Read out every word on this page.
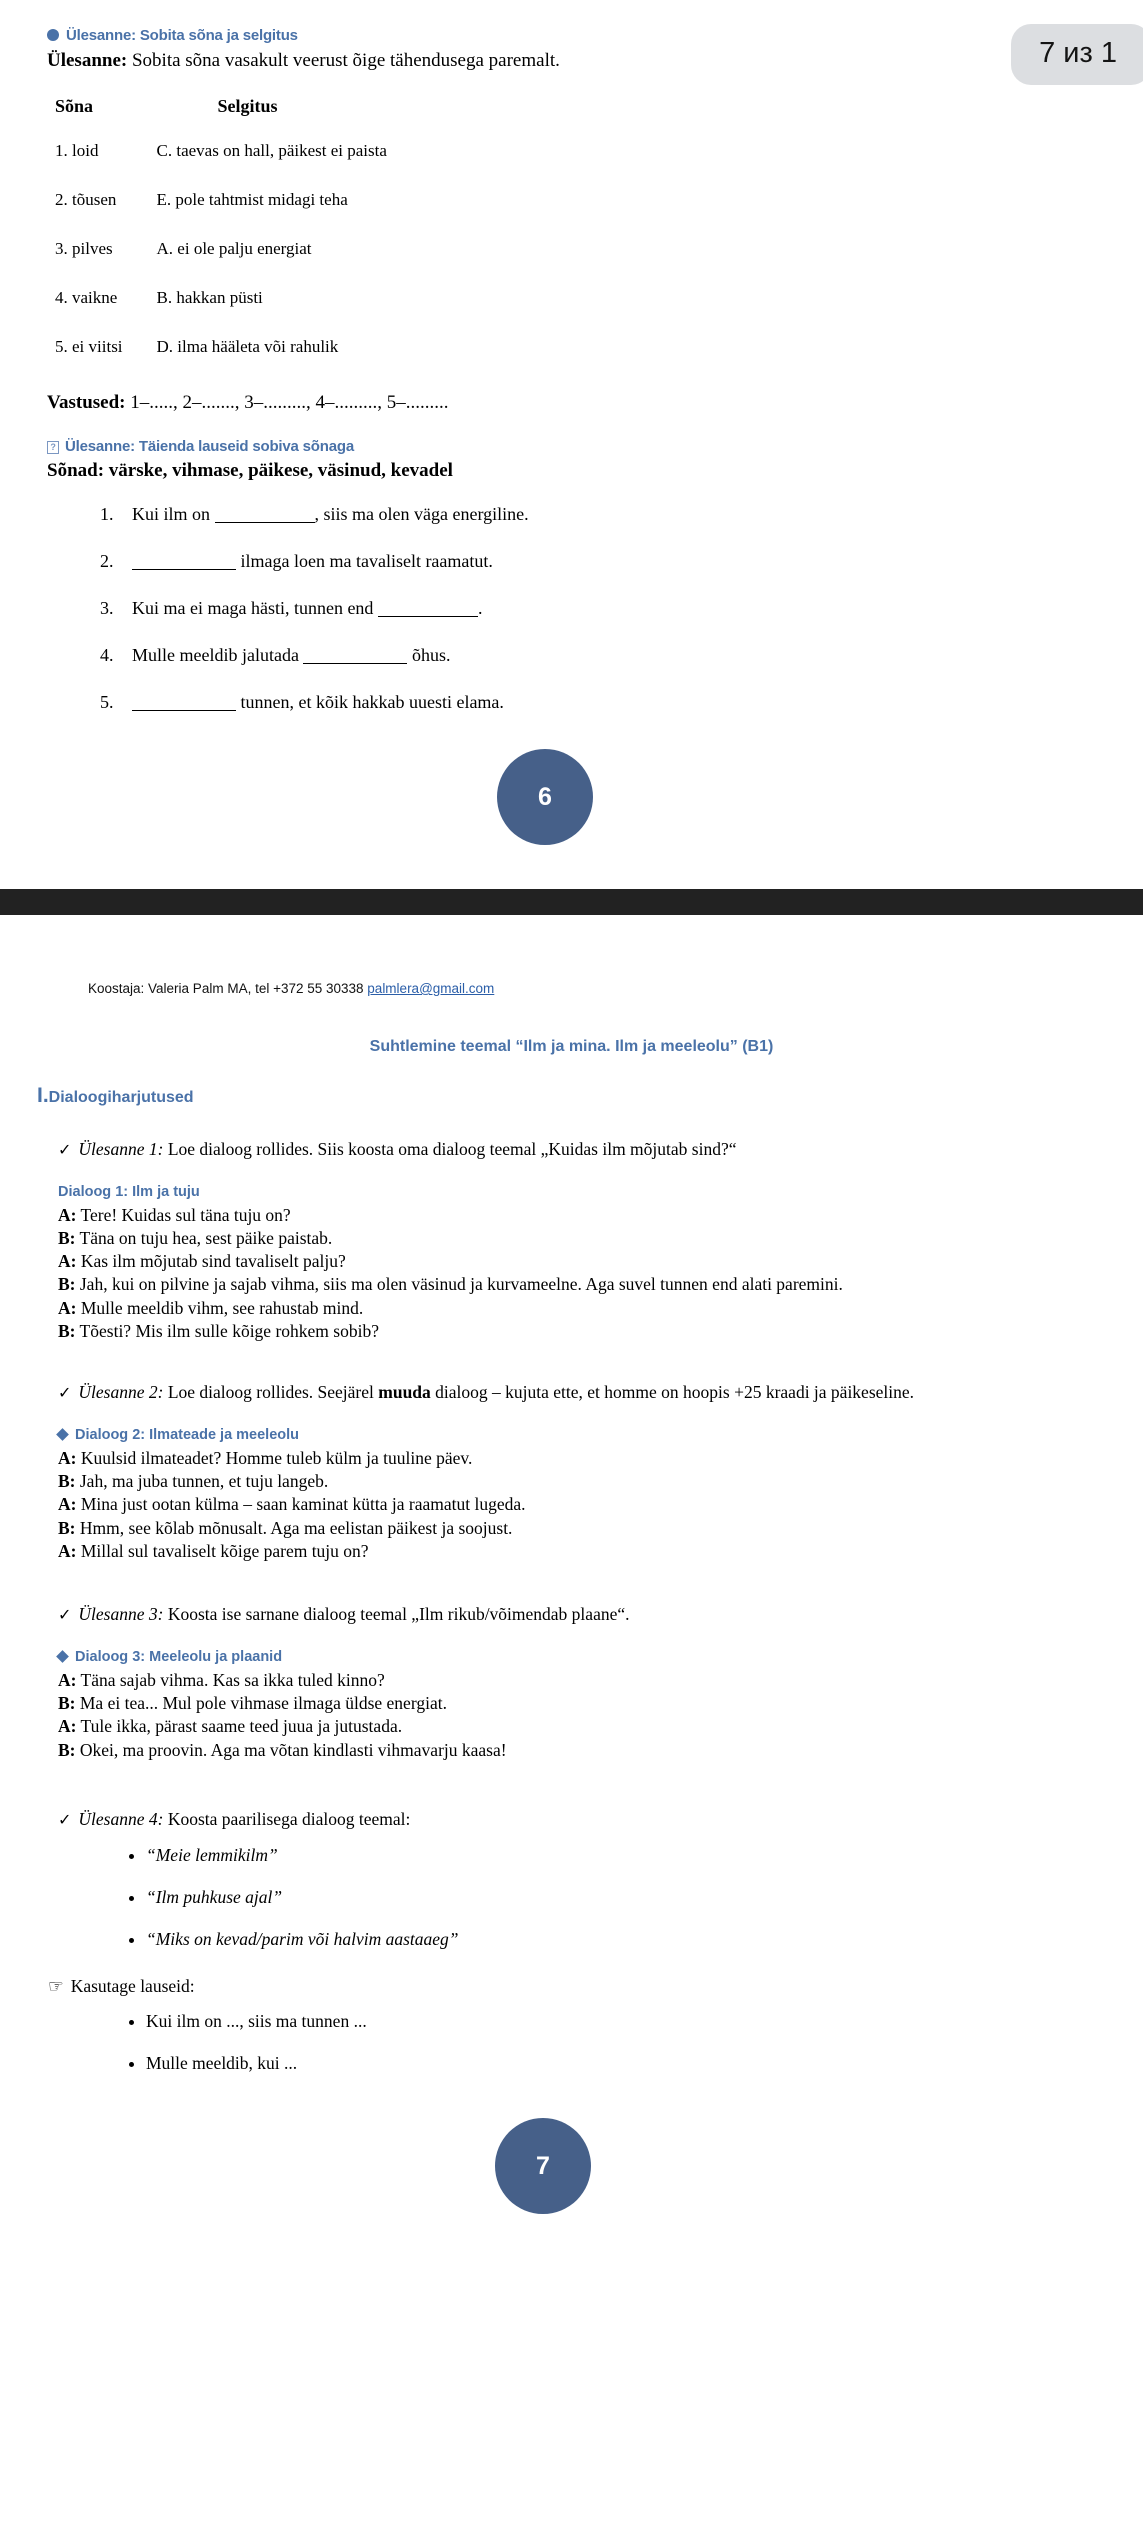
Ülesanne: Sobita sõna ja selgitus
Ülesanne: Sobita sõna vasakult veerust õige tähendusega paremalt.
Sõna	Selgitus
1. loid	C. taevas on hall, päikest ei paista
2. tõusen	E. pole tahtmist midagi teha
3. pilves	A. ei ole palju energiat
4. vaikne	B. hakkan püsti
5. ei viitsi	D. ilma hääleta või rahulik
Vastused: 1–....., 2–......., 3–........., 4–........., 5–.........
? Ülesanne: Täienda lauseid sobiva sõnaga
Sõnad: värske, vihmase, päikese, väsinud, kevadel
1. Kui ilm on	, siis ma olen väga energiline.
2. ilmaga loen ma tavaliselt raamatut.
3. Kui ma ei maga hästi, tunnen end	.
4. Mulle meeldib jalutada	õhus.
5. tunnen, et kõik hakkab uuesti elama.
6
Koostaja: Valeria Palm MA, tel +372 55 30338 palmlera@gmail.com
Suhtlemine teemal “Ilm ja mina. Ilm ja meeleolu” (B1)
I.Dialoogiharjutused
✓ Ülesanne 1: Loe dialoog rollides. Siis koosta oma dialoog teemal „Kuidas ilm mõjutab sind?“
Dialoog 1: Ilm ja tuju
A: Tere! Kuidas sul täna tuju on?
B: Täna on tuju hea, sest päike paistab.
A: Kas ilm mõjutab sind tavaliselt palju?
B: Jah, kui on pilvine ja sajab vihma, siis ma olen väsinud ja kurvameelne. Aga suvel tunnen end alati paremini.
A: Mulle meeldib vihm, see rahustab mind.
B: Tõesti? Mis ilm sulle kõige rohkem sobib?
✓ Ülesanne 2: Loe dialoog rollides. Seejärel muuda dialoog – kujuta ette, et homme on hoopis +25 kraadi ja päikeseline.
Dialoog 2: Ilmateade ja meeleolu
A: Kuulsid ilmateadet? Homme tuleb külm ja tuuline päev.
B: Jah, ma juba tunnen, et tuju langeb.
A: Mina just ootan külma – saan kaminat kütta ja raamatut lugeda.
B: Hmm, see kõlab mõnusalt. Aga ma eelistan päikest ja soojust.
A: Millal sul tavaliselt kõige parem tuju on?
✓ Ülesanne 3: Koosta ise sarnane dialoog teemal „Ilm rikub/võimendab plaane“.
Dialoog 3: Meeleolu ja plaanid
A: Täna sajab vihma. Kas sa ikka tuled kinno?
B: Ma ei tea... Mul pole vihmase ilmaga üldse energiat.
A: Tule ikka, pärast saame teed juua ja jutustada.
B: Okei, ma proovin. Aga ma võtan kindlasti vihmavarju kaasa!
✓ Ülesanne 4: Koosta paarilisega dialoog teemal:
• “Meie lemmikilm”
• “Ilm puhkuse ajal”
• “Miks on kevad/parim või halvim aastaaeg”
☞ Kasutage lauseid:
• Kui ilm on ..., siis ma tunnen ...
• Mulle meeldib, kui ...
7
7 из 1
